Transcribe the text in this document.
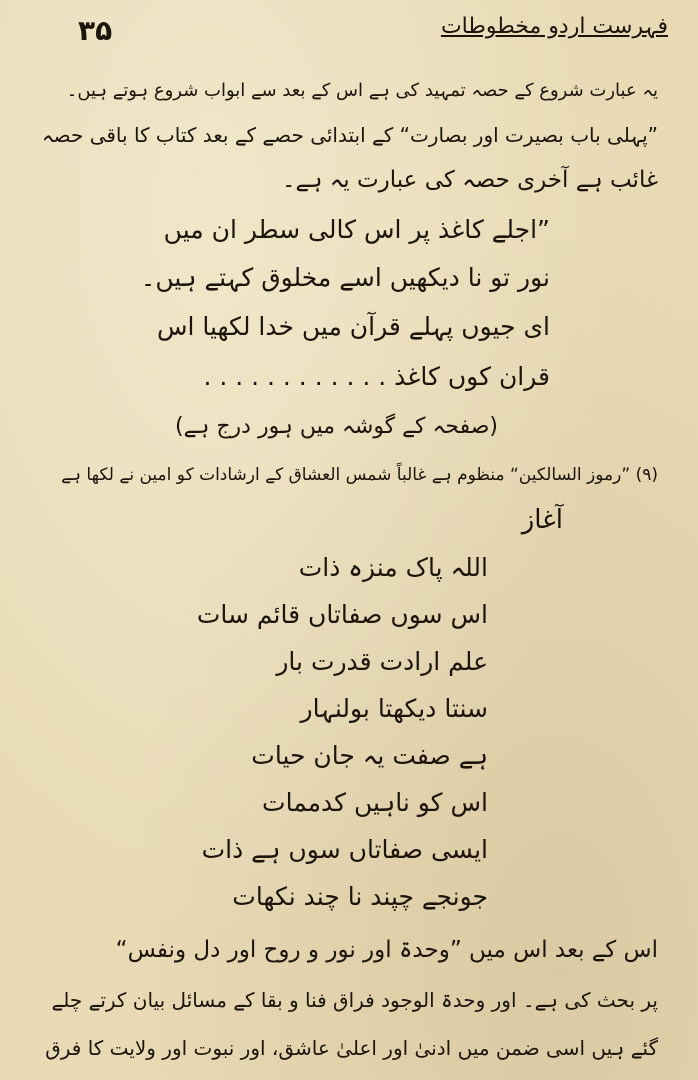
۳۵	فہرست اردو مخطوطات
یہ عبارت شروع کے حصہ تمہید کی ہے اس کے بعد سے ابواب شروع ہوتے ہیں۔
”پہلی باب بصیرت اور بصارت“ کے ابتدائی حصے کے بعد کتاب کا باقی حصہ
غائب ہے آخری حصہ کی عبارت یہ ہے۔
”اجلے کاغذ پر اس کالی سطر ان میں
نور تو نا دیکھیں اسے مخلوق کہتے ہیں۔
ای جیوں پہلے قرآن میں خدا لکھیا اس
قران کوں کاغذ . . . . . . . . . . . .
(صفحہ کے گوشہ میں ہور درج ہے)
(۹) ”رموز السالکین“ منظوم ہے غالباً شمس العشاق کے ارشادات کو امین نے لکھا ہے
آغاز
اللہ پاک منزہ ذات
اس سوں صفاتاں قائم سات
علم ارادت قدرت بار
سنتا دیکھتا بولنہار
ہے صفت یہ جان حیات
اس کو ناہیں کدممات
ایسی صفاتاں سوں ہے ذات
جونجے چپند نا چند نکھات
اس کے بعد اس میں ”وحدۃ اور نور و روح اور دل ونفس“
پر بحث کی ہے۔ اور وحدۃ الوجود فراق فنا و بقا کے مسائل بیان کرتے چلے
گئے ہیں اسی ضمن میں ادنیٰ اور اعلیٰ عاشق، اور نبوت اور ولایت کا فرق
